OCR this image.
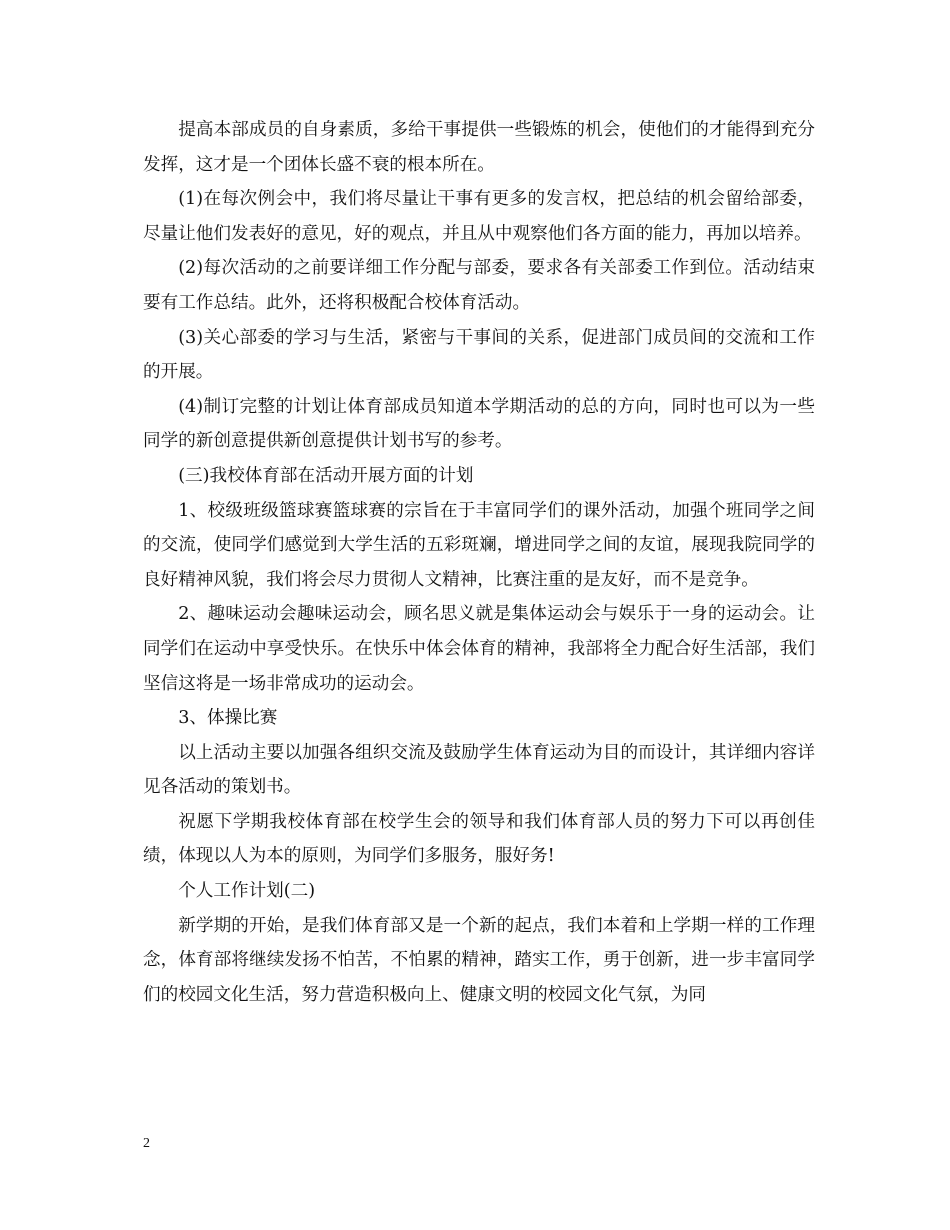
提高本部成员的自身素质，多给干事提供一些锻炼的机会，使他们的才能得到充分发挥，这才是一个团体长盛不衰的根本所在。

(1)在每次例会中，我们将尽量让干事有更多的发言权，把总结的机会留给部委，尽量让他们发表好的意见，好的观点，并且从中观察他们各方面的能力，再加以培养。

(2)每次活动的之前要详细工作分配与部委，要求各有关部委工作到位。活动结束要有工作总结。此外，还将积极配合校体育活动。

(3)关心部委的学习与生活，紧密与干事间的关系，促进部门成员间的交流和工作的开展。

(4)制订完整的计划让体育部成员知道本学期活动的总的方向，同时也可以为一些同学的新创意提供新创意提供计划书写的参考。

(三)我校体育部在活动开展方面的计划

1、校级班级篮球赛篮球赛的宗旨在于丰富同学们的课外活动，加强个班同学之间的交流，使同学们感觉到大学生活的五彩斑斓，增进同学之间的友谊，展现我院同学的良好精神风貌，我们将会尽力贯彻人文精神，比赛注重的是友好，而不是竞争。

2、趣味运动会趣味运动会，顾名思义就是集体运动会与娱乐于一身的运动会。让同学们在运动中享受快乐。在快乐中体会体育的精神，我部将全力配合好生活部，我们坚信这将是一场非常成功的运动会。

3、体操比赛

以上活动主要以加强各组织交流及鼓励学生体育运动为目的而设计，其详细内容详见各活动的策划书。

祝愿下学期我校体育部在校学生会的领导和我们体育部人员的努力下可以再创佳绩，体现以人为本的原则，为同学们多服务，服好务!

个人工作计划(二)

新学期的开始，是我们体育部又是一个新的起点，我们本着和上学期一样的工作理念，体育部将继续发扬不怕苦，不怕累的精神，踏实工作，勇于创新，进一步丰富同学们的校园文化生活，努力营造积极向上、健康文明的校园文化气氛，为同

2
